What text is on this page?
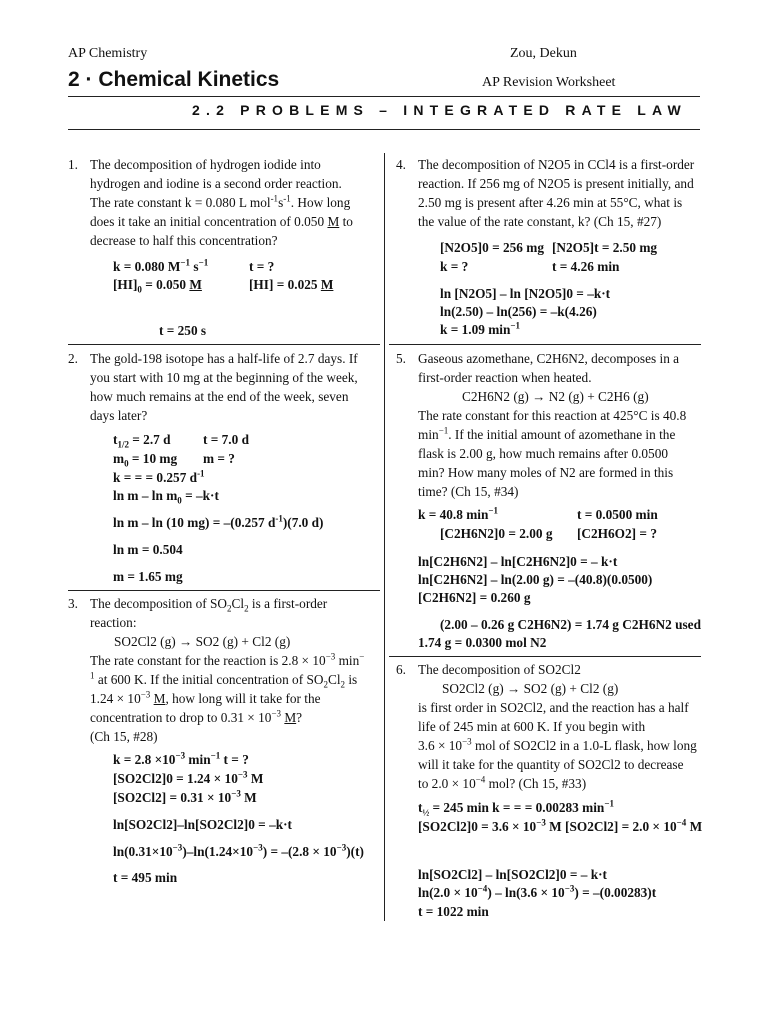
AP Chemistry	Zou, Dekun
2 · Chemical Kinetics	AP Revision Worksheet
2.2 PROBLEMS – INTEGRATED RATE LAW
1. The decomposition of hydrogen iodide into
hydrogen and iodine is a second order reaction.
The rate constant k = 0.080 L $mol^{-1}s^{-1}$. How long
does it take an initial concentration of 0.050 M to
decrease to half this concentration?
k = 0.080 $M^{-1}$ $s^{-1}$	t = ?
$[HI]_0 = 0.050$ M	[HI] = 0.025 M
t = 250 s
2. The gold-198 isotope has a half-life of 2.7 days. If
you start with 10 mg at the beginning of the week,
how much remains at the end of the week, seven
days later?
$t_{1/2} = 2.7$ d t = 7.0 d
$m_0 = 10$ mg m = ?
k = = = 0.257 $d^{-1}$
$\ln m - \ln m_0 = -k\cdot t$
ln m – ln (10 mg) = –(0.257 $d^{-1})(7.0$ d)
ln m = 0.504
m = 1.65 mg
3. The decomposition of $SO_2Cl_2$ is a first-order
reaction:
SO2Cl2 (g) → SO2 (g) + Cl2 (g)
The rate constant for the reaction is $2.8 \times 10^{-3}$ min−
$^1$ at 600 K. If the initial concentration of $SO_2Cl_2$ is
$1.24 \times 10^{-3}$ M, how long will it take for the
concentration to drop to $0.31 \times 10^{-3}$ M?
(Ch 15, #28)
$k = 2.8 \times 10^{-3}$ $\min^{-1} t$ = ?
$[SO2Cl2]0 = 1.24 \times 10^{-3}$ M
$[SO2Cl2] = 0.31 \times 10^{-3}$ M
ln[SO2Cl2]–ln[SO2Cl2]0 = –k·t
$\ln(0.31\times 10^{-3})-\ln(1.24\times 10^{-3}) = -(2.8 \times 10^{-3})(t)$
t = 495 min
4. The decomposition of N2O5 in CCl4 is a first-order
reaction. If 256 mg of N2O5 is present initially, and
2.50 mg is present after 4.26 min at 55°C, what is
the value of the rate constant, k? (Ch 15, #27)
[N2O5]0 = 256 mg [N2O5]t = 2.50 mg
k = ?	t = 4.26 min
ln [N2O5] – ln [N2O5]0 = –k·t
ln(2.50) – ln(256) = –k(4.26)
k = 1.09 $\min^{-1}$
5. Gaseous azomethane, C2H6N2, decomposes in a
first-order reaction when heated.
C2H6N2 (g) → N2 (g) + C2H6 (g)
The rate constant for this reaction at 425°C is 40.8
$\min^{-1}$. If the initial amount of azomethane in the
flask is 2.00 g, how much remains after 0.0500
min? How many moles of N2 are formed in this
time? (Ch 15, #34)
k = 40.8 $\min^{-1}$	t = 0.0500 min
[C2H6N2]0 = 2.00 g [C2H6O2] = ?
ln[C2H6N2] – ln[C2H6N2]0 = – k·t
ln[C2H6N2] – ln(2.00 g) = –(40.8)(0.0500)
[C2H6N2] = 0.260 g
(2.00 – 0.26 g C2H6N2) = 1.74 g C2H6N2 used
1.74 g = 0.0300 mol N2
6. The decomposition of SO2Cl2
SO2Cl2 (g) → SO2 (g) + Cl2 (g)
is first order in SO2Cl2, and the reaction has a half
life of 245 min at 600 K. If you begin with
$3.6 \times 10^{-3}$ mol of SO2Cl2 in a 1.0-L flask, how long
will it take for the quantity of SO2Cl2 to decrease
to $2.0 \times 10^{-4}$ mol? (Ch 15, #33)
$t_{\frac{1}{2}} = 245$ min k = = = 0.00283 $\min^{-1}$
$[SO2Cl2]0 = 3.6 \times 10^{-3}$ M $[SO2Cl2] = 2.0 \times 10^{-4}$ M
ln[SO2Cl2] – ln[SO2Cl2]0 = – k·t
$\ln(2.0 \times 10^{-4}) - \ln(3.6 \times 10^{-3}) = -(0.00283)t$
t = 1022 min
